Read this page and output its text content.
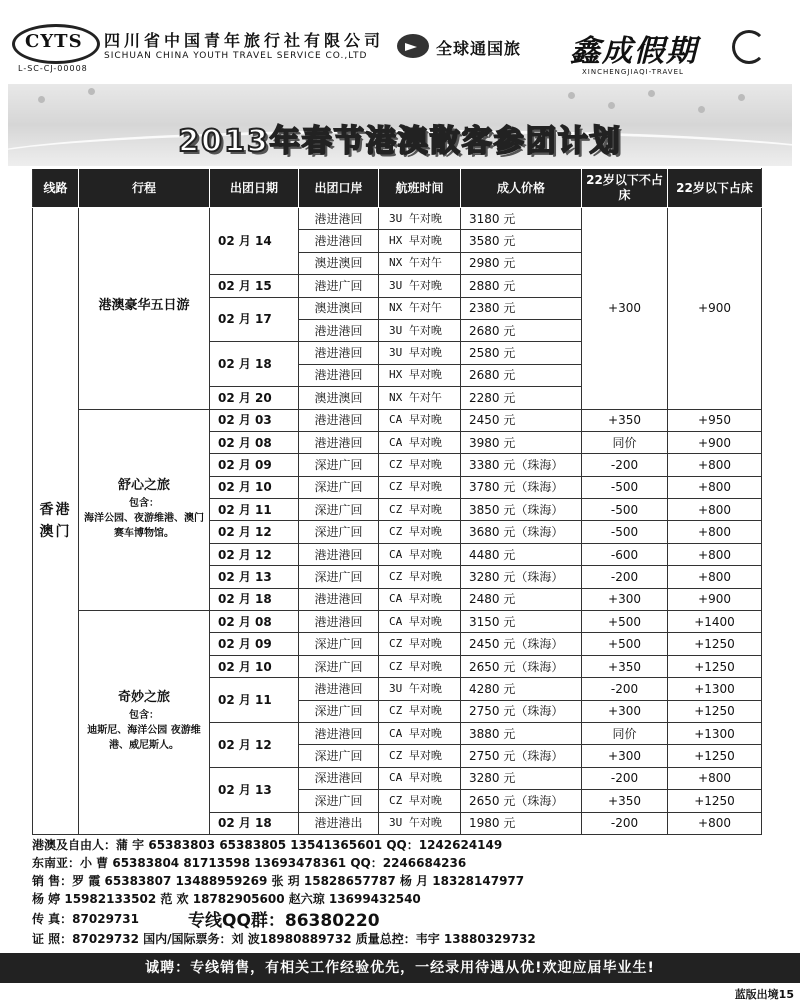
CYTS
L-SC-CJ-00008
四川省中国青年旅行社有限公司
SICHUAN CHINA YOUTH TRAVEL SERVICE CO.,LTD	全球通国旅 鑫成假期
XINCHENGJIAQI-TRAVEL
2013年春节港澳散客参团计划
线路	行程	出团日期	出团口岸	航班时间	成人价格	22岁以下不占床	22岁以下占床
香港澳门	港澳豪华五日游	02 月 14	港进港回	3U 午对晚	3180 元	+300	+900
			港进港回	HX 早对晚	3580 元		
			澳进澳回	NX 午对午	2980 元		
		02 月 15	港进广回	3U 午对晚	2880 元		
		02 月 17	澳进澳回	NX 午对午	2380 元		
			港进港回	3U 午对晚	2680 元		
		02 月 18	港进港回	3U 早对晚	2580 元		
			港进港回	HX 早对晚	2680 元		
		02 月 20	澳进澳回	NX 午对午	2280 元		

	舒心之旅
包含：
海洋公园、夜游维港、澳门赛车博物馆。	02 月 03	港进港回	CA 早对晚	2450 元	+350	+950
		02 月 08	港进港回	CA 早对晚	3980 元	同价	+900
		02 月 09	深进广回	CZ 早对晚	3380 元（珠海）	-200	+800
		02 月 10	深进广回	CZ 早对晚	3780 元（珠海）	-500	+800
		02 月 11	深进广回	CZ 早对晚	3850 元（珠海）	-500	+800
		02 月 12	深进广回	CZ 早对晚	3680 元（珠海）	-500	+800
		02 月 12	港进港回	CA 早对晚	4480 元	-600	+800
		02 月 13	深进广回	CZ 早对晚	3280 元（珠海）	-200	+800
		02 月 18	港进港回	CA 早对晚	2480 元	+300	+900

	奇妙之旅
包含：
迪斯尼、海洋公园 夜游维港、威尼斯人。	02 月 08	港进港回	CA 早对晚	3150 元	+500	+1400
		02 月 09	深进广回	CZ 早对晚	2450 元（珠海）	+500	+1250
		02 月 10	深进广回	CZ 早对晚	2650 元（珠海）	+350	+1250
		02 月 11	港进港回	3U 午对晚	4280 元	-200	+1300
			深进广回	CZ 早对晚	2750 元（珠海）	+300	+1250
		02 月 12	港进港回	CA 早对晚	3880 元	同价	+1300
			深进广回	CZ 早对晚	2750 元（珠海）	+300	+1250
		02 月 13	深进港回	CA 早对晚	3280 元	-200	+800
			深进广回	CZ 早对晚	2650 元（珠海）	+350	+1250
		02 月 18	港进港出	3U 午对晚	1980 元	-200	+800
港澳及自由人：蒲 宇 65383803 65383805 13541365601 QQ：1242624149
东南亚：小 曹 65383804 81713598 13693478361 QQ：2246684236
销 售：罗 霞 65383807 13488959269 张 玥 15828657787 杨 月 18328147977
杨 婷 15982133502 范 欢 18782905600 赵六琼 13699432540
传 真：87029731	专线QQ群：86380220
证 照：87029732 国内/国际票务：刘 波18980889732 质量总控：韦宇 13880329732
诚聘：专线销售，有相关工作经验优先，一经录用待遇从优!欢迎应届毕业生!
蓝版出境15
